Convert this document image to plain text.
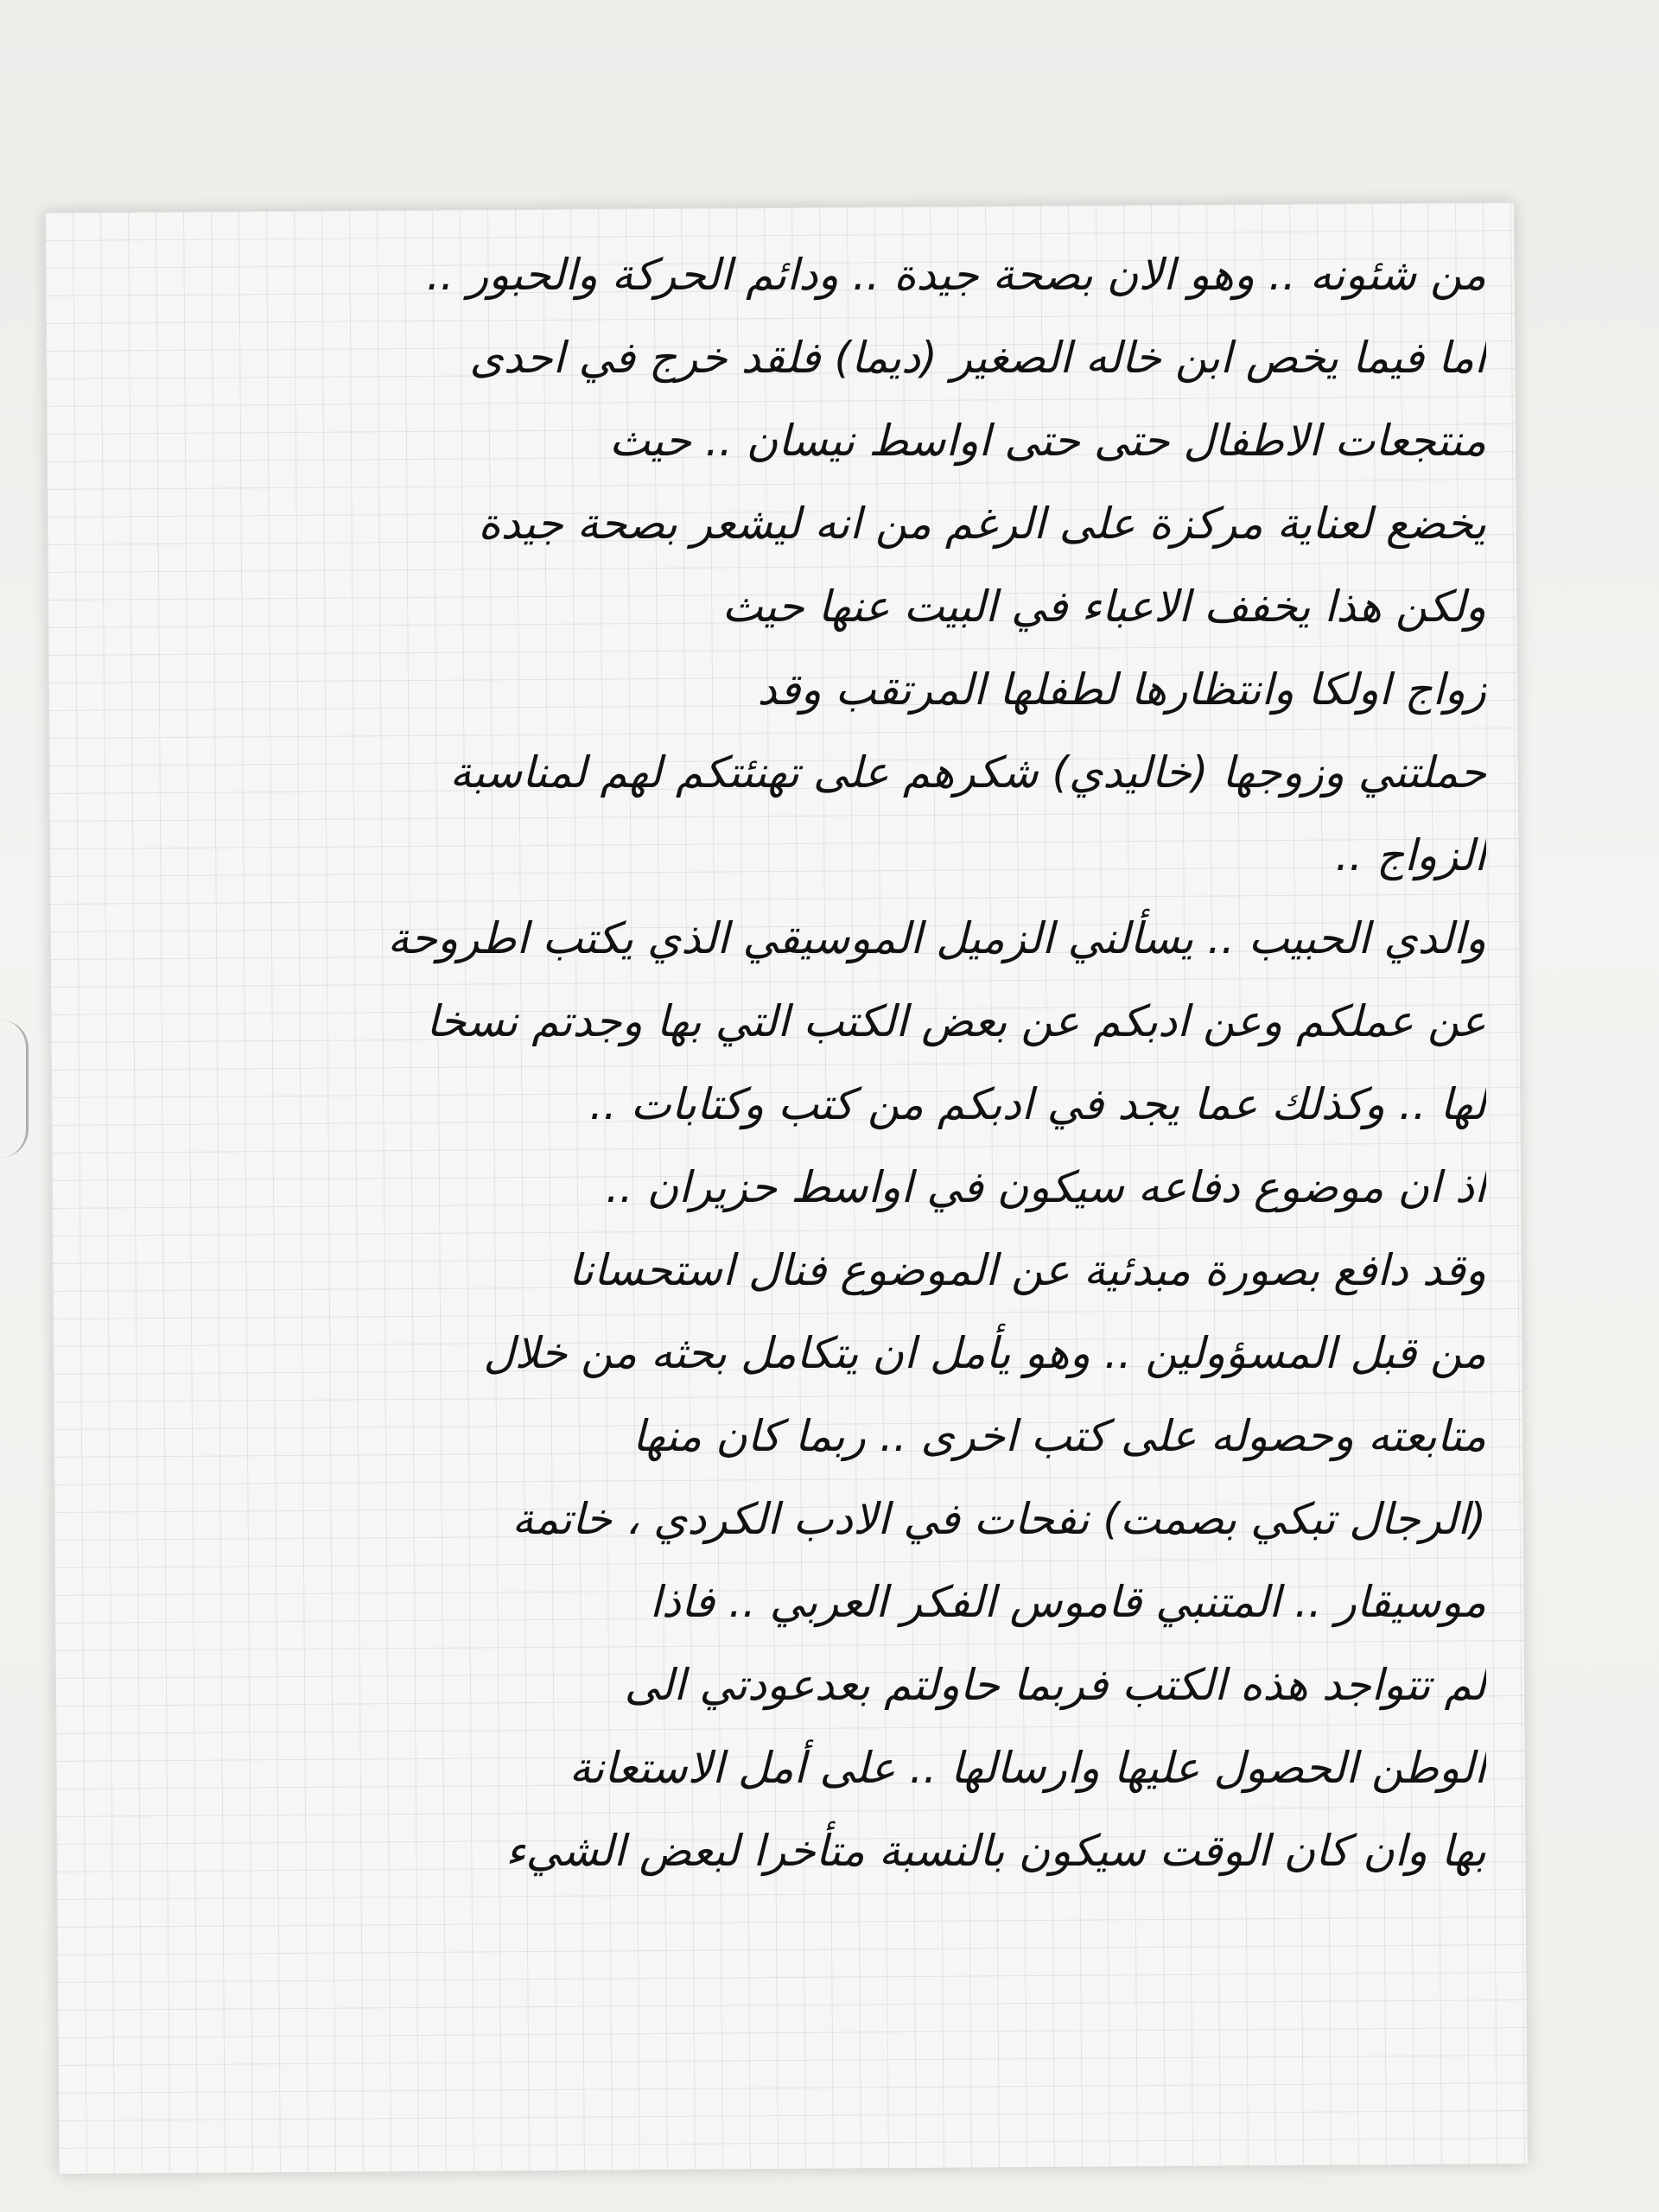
من شئونه .. وهو الان بصحة جيدة .. ودائم الحركة والحبور ..
اما فيما يخص ابن خاله الصغير (ديما) فلقد خرج في احدى
منتجعات الاطفال حتى حتى اواسط نيسان .. حيث
يخضع لعناية مركزة على الرغم من انه ليشعر بصحة جيدة
ولكن هذا يخفف الاعباء في البيت عنها حيث
زواج اولكا وانتظارها لطفلها المرتقب وقد
حملتني وزوجها (خاليدي) شكرهم على تهنئتكم لهم لمناسبة
الزواج ..
والدي الحبيب .. يسألني الزميل الموسيقي الذي يكتب اطروحة
عن عملكم وعن ادبكم عن بعض الكتب التي بها وجدتم نسخا
لها .. وكذلك عما يجد في ادبكم من كتب وكتابات ..
اذ ان موضوع دفاعه سيكون في اواسط حزيران ..
وقد دافع بصورة مبدئية عن الموضوع فنال استحسانا
من قبل المسؤولين .. وهو يأمل ان يتكامل بحثه من خلال
متابعته وحصوله على كتب اخرى .. ربما كان منها
(الرجال تبكي بصمت) نفحات في الادب الكردي ، خاتمة
موسيقار .. المتنبي قاموس الفكر العربي .. فاذا
لم تتواجد هذه الكتب فربما حاولتم بعدعودتي الى
الوطن الحصول عليها وارسالها .. على أمل الاستعانة
بها وان كان الوقت سيكون بالنسبة متأخرا لبعض الشيء
